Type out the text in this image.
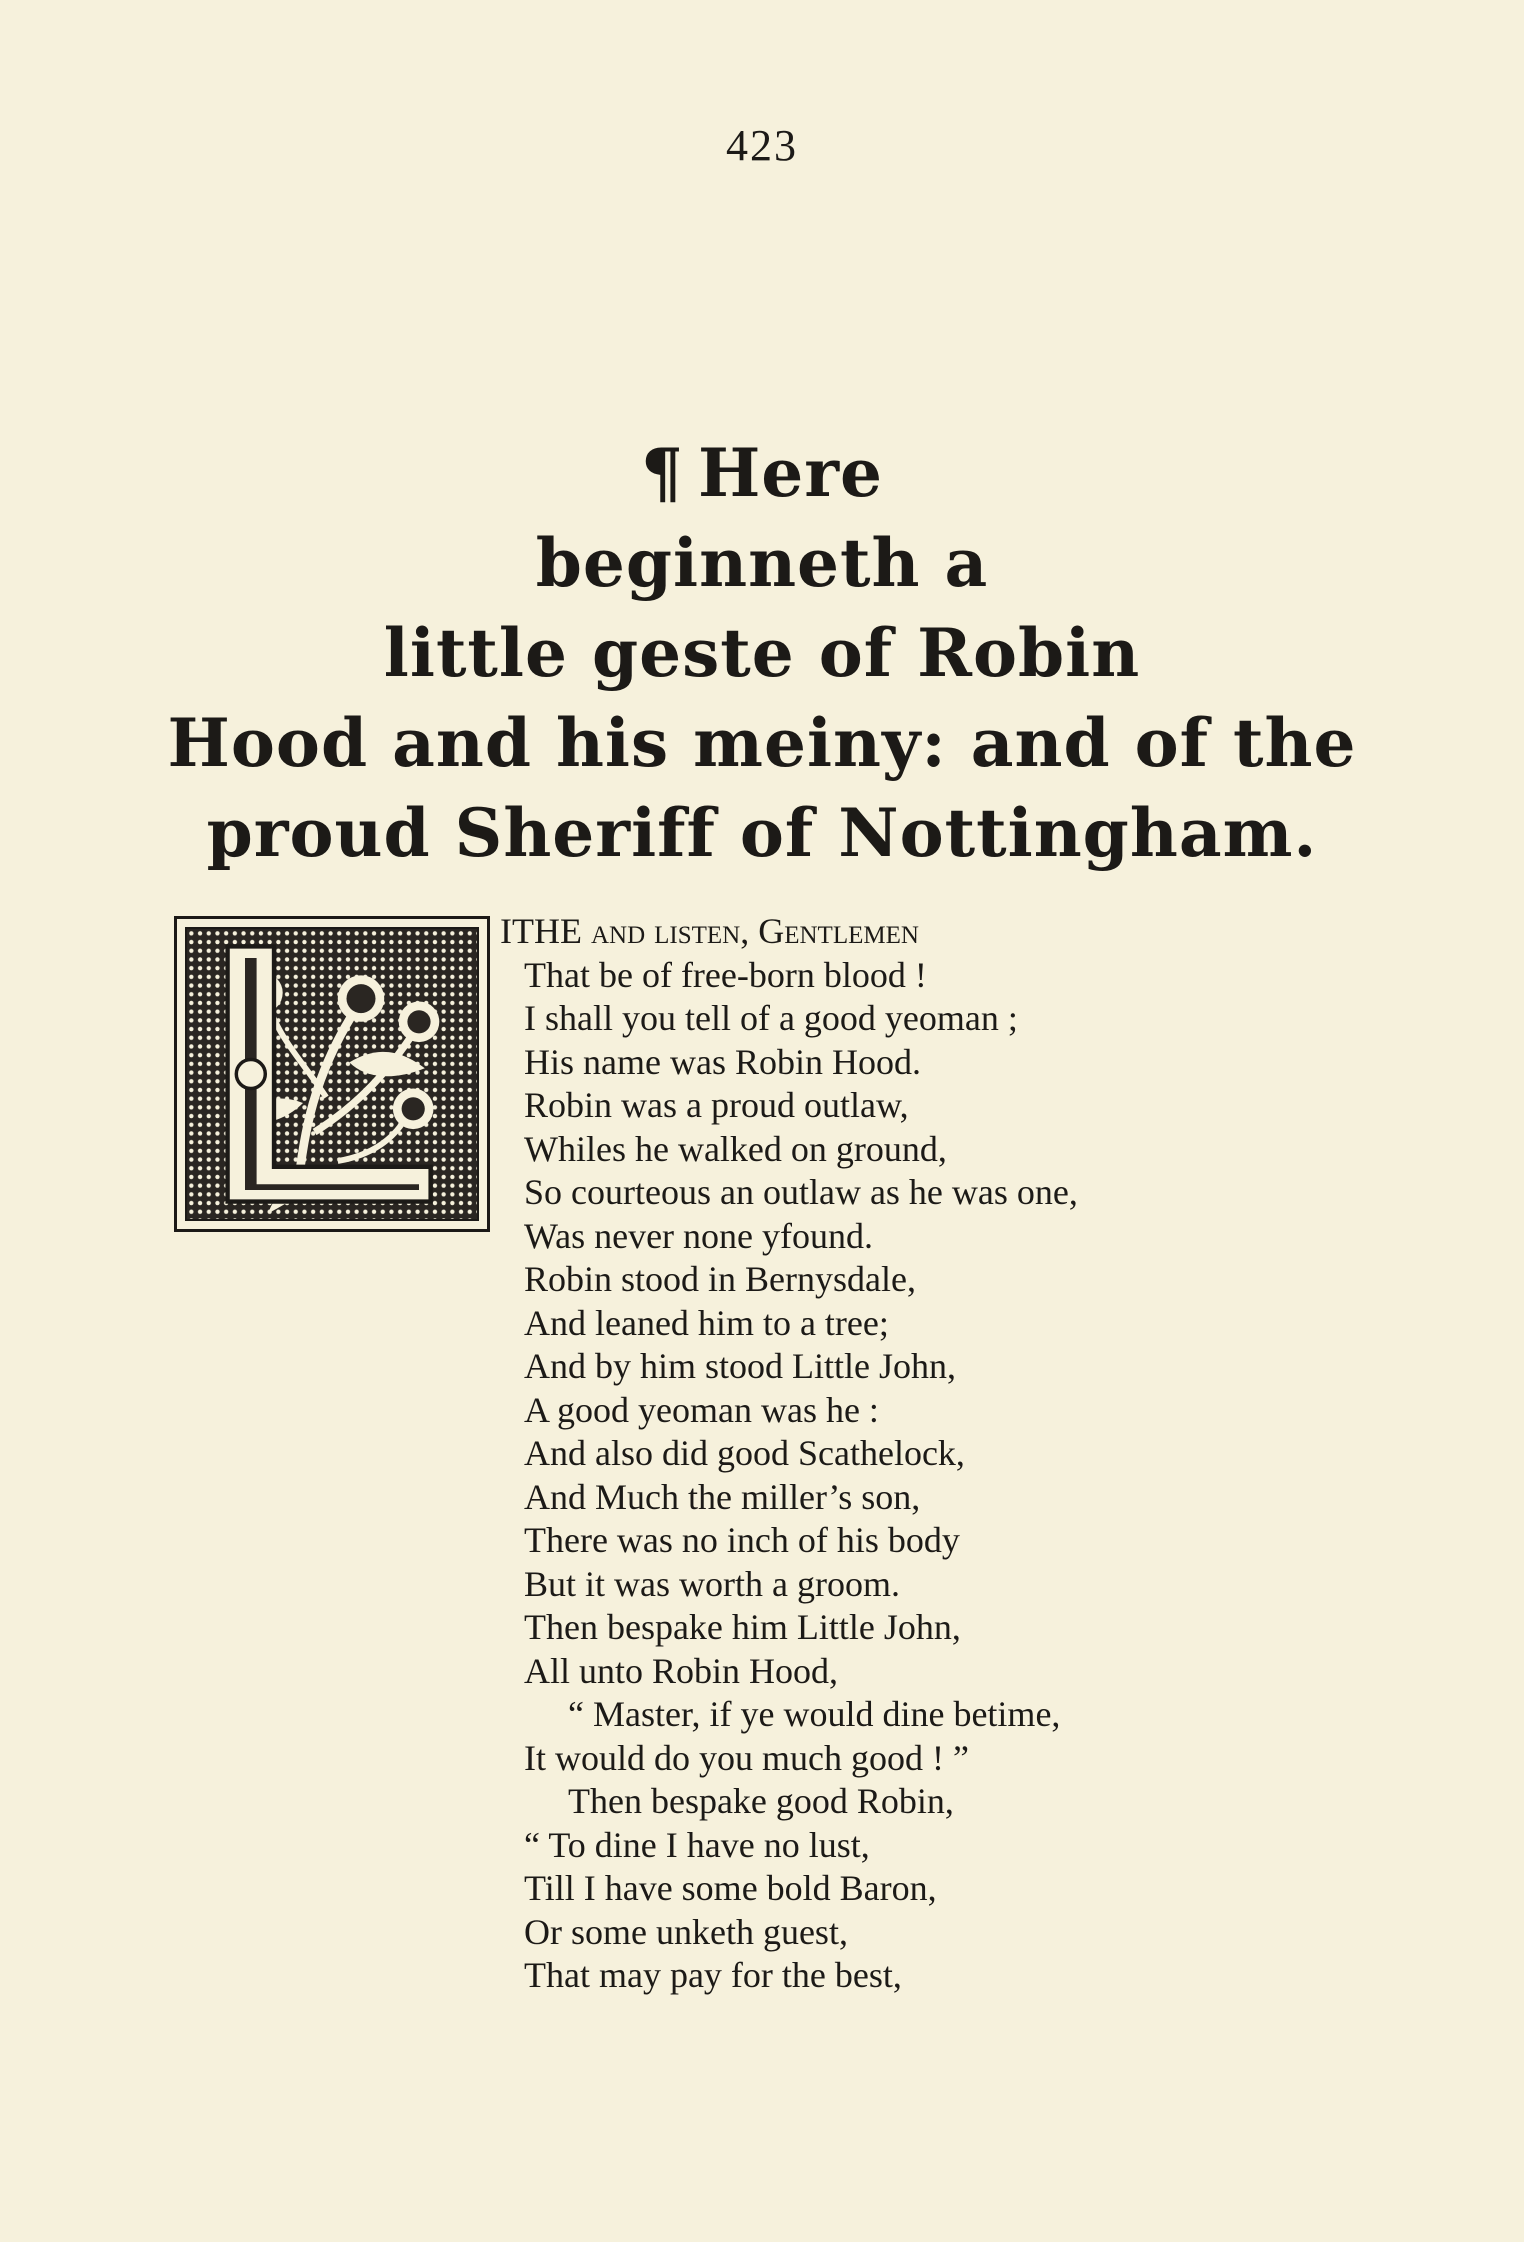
423
¶ Here
beginneth a
little geste of Robin
Hood and his meiny: and of the
proud Sheriff of Nottingham.
ITHE and listen, Gentlemen
That be of free-born blood !
I shall you tell of a good yeoman ;
His name was Robin Hood.
Robin was a proud outlaw,
Whiles he walked on ground,
So courteous an outlaw as he was one,
Was never none yfound.
Robin stood in Bernysdale,
And leaned him to a tree;
And by him stood Little John,
A good yeoman was he :
And also did good Scathelock,
And Much the miller’s son,
There was no inch of his body
But it was worth a groom.
Then bespake him Little John,
All unto Robin Hood,
“ Master, if ye would dine betime,
It would do you much good ! ”
Then bespake good Robin,
“ To dine I have no lust,
Till I have some bold Baron,
Or some unketh guest,
That may pay for the best,
